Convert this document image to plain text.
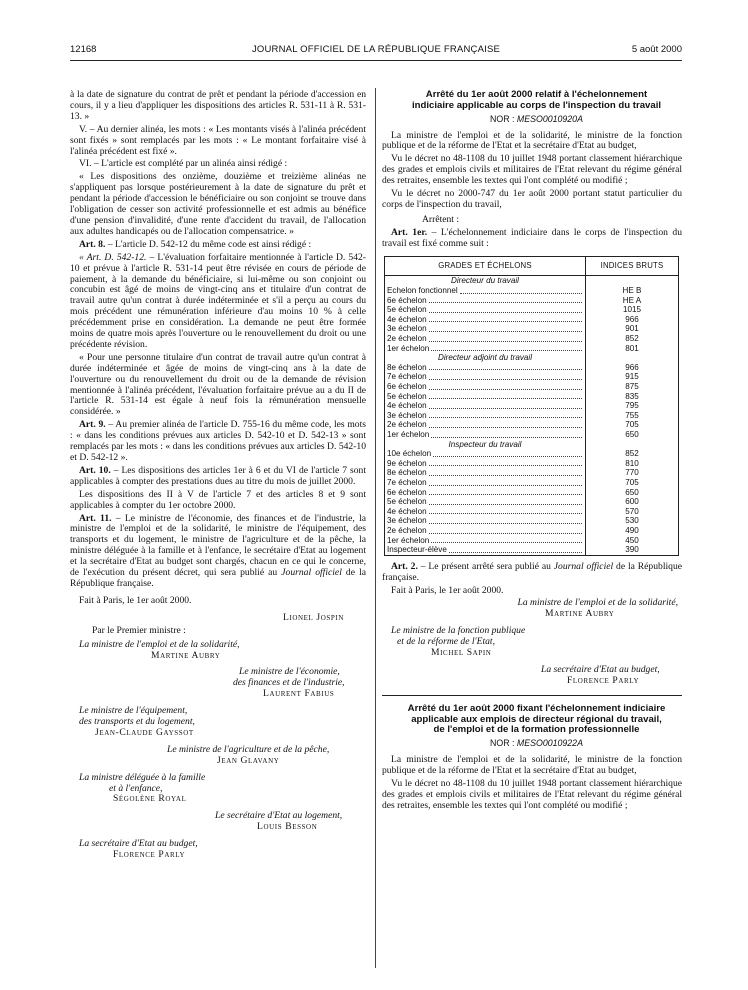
12168	JOURNAL OFFICIEL DE LA RÉPUBLIQUE FRANÇAISE	5 août 2000

à la date de signature du contrat de prêt et pendant la période d'accession en cours, il y a lieu d'appliquer les dispositions des articles R. 531-11 à R. 531-13. »

V. – Au dernier alinéa, les mots : « Les montants visés à l'alinéa précédent sont fixés » sont remplacés par les mots : « Le montant forfaitaire visé à l'alinéa précédent est fixé ».

VI. – L'article est complété par un alinéa ainsi rédigé :

« Les dispositions des onzième, douzième et treizième alinéas ne s'appliquent pas lorsque postérieurement à la date de signature du prêt et pendant la période d'accession le bénéficiaire ou son conjoint se trouve dans l'obligation de cesser son activité professionnelle et est admis au bénéfice d'une pension d'invalidité, d'une rente d'accident du travail, de l'allocation aux adultes handicapés ou de l'allocation compensatrice. »

Art. 8. – L'article D. 542-12 du même code est ainsi rédigé :

« Art. D. 542-12. – L'évaluation forfaitaire mentionnée à l'article D. 542-10 et prévue à l'article R. 531-14 peut être révisée en cours de période de paiement, à la demande du bénéficiaire, si lui-même ou son conjoint ou concubin est âgé de moins de vingt-cinq ans et titulaire d'un contrat de travail autre qu'un contrat à durée indéterminée et s'il a perçu au cours du mois précédent une rémunération inférieure d'au moins 10 % à celle précédemment prise en considération. La demande ne peut être formée moins de quatre mois après l'ouverture ou le renouvellement du droit ou une précédente révision.

« Pour une personne titulaire d'un contrat de travail autre qu'un contrat à durée indéterminée et âgée de moins de vingt-cinq ans à la date de l'ouverture ou du renouvellement du droit ou de la demande de révision mentionnée à l'alinéa précédent, l'évaluation forfaitaire prévue au a du II de l'article R. 531-14 est égale à neuf fois la rémunération mensuelle considérée. »

Art. 9. – Au premier alinéa de l'article D. 755-16 du même code, les mots : « dans les conditions prévues aux articles D. 542-10 et D. 542-13 » sont remplacés par les mots : « dans les conditions prévues aux articles D. 542-10 et D. 542-12 ».

Art. 10. – Les dispositions des articles 1er à 6 et du VI de l'article 7 sont applicables à compter des prestations dues au titre du mois de juillet 2000.

Les dispositions des II à V de l'article 7 et des articles 8 et 9 sont applicables à compter du 1er octobre 2000.

Art. 11. – Le ministre de l'économie, des finances et de l'industrie, la ministre de l'emploi et de la solidarité, le ministre de l'équipement, des transports et du logement, le ministre de l'agriculture et de la pêche, la ministre déléguée à la famille et à l'enfance, le secrétaire d'Etat au logement et la secrétaire d'Etat au budget sont chargés, chacun en ce qui le concerne, de l'exécution du présent décret, qui sera publié au Journal officiel de la République française.

Fait à Paris, le 1er août 2000.

Lionel Jospin

Par le Premier ministre :

La ministre de l'emploi et de la solidarité,

Martine Aubry

Le ministre de l'économie,

des finances et de l'industrie,

Laurent Fabius

Le ministre de l'équipement,

des transports et du logement,

Jean-Claude Gayssot

Le ministre de l'agriculture et de la pêche,

Jean Glavany

La ministre déléguée à la famille

et à l'enfance,

Ségolène Royal

Le secrétaire d'Etat au logement,

Louis Besson

La secrétaire d'Etat au budget,

Florence Parly

Arrêté du 1er août 2000 relatif à l'échelonnement

indiciaire applicable au corps de l'inspection du travail

NOR : MESO0010920A

La ministre de l'emploi et de la solidarité, le ministre de la fonction publique et de la réforme de l'Etat et la secrétaire d'Etat au budget,

Vu le décret no 48-1108 du 10 juillet 1948 portant classement hiérarchique des grades et emplois civils et militaires de l'Etat relevant du régime général des retraites, ensemble les textes qui l'ont complété ou modifié ;

Vu le décret no 2000-747 du 1er août 2000 portant statut particulier du corps de l'inspection du travail,

Arrêtent :

Art. 1er. – L'échelonnement indiciaire dans le corps de l'inspection du travail est fixé comme suit :

GRADES ET ÉCHELONS	INDICES BRUTS
Directeur du travail	

Echelon fonctionnel	HE B

6e échelon	HE A

5e échelon	1015

4e échelon	966

3e échelon	901

2e échelon	852

1er échelon	801
Directeur adjoint du travail	

8e échelon	966

7e échelon	915

6e échelon	875

5e échelon	835

4e échelon	795

3e échelon	755

2e échelon	705

1er échelon	650
Inspecteur du travail	

10e échelon	852

9e échelon	810

8e échelon	770

7e échelon	705

6e échelon	650

5e échelon	600

4e échelon	570

3e échelon	530

2e échelon	490

1er échelon	450

Inspecteur-élève	390

Art. 2. – Le présent arrêté sera publié au Journal officiel de la République française.

Fait à Paris, le 1er août 2000.

La ministre de l'emploi et de la solidarité,

Martine Aubry

Le ministre de la fonction publique

et de la réforme de l'Etat,

Michel Sapin

La secrétaire d'Etat au budget,

Florence Parly

Arrêté du 1er août 2000 fixant l'échelonnement indiciaire

applicable aux emplois de directeur régional du travail,

de l'emploi et de la formation professionnelle

NOR : MESO0010922A

La ministre de l'emploi et de la solidarité, le ministre de la fonction publique et de la réforme de l'Etat et la secrétaire d'Etat au budget,

Vu le décret no 48-1108 du 10 juillet 1948 portant classement hiérarchique des grades et emplois civils et militaires de l'Etat relevant du régime général des retraites, ensemble les textes qui l'ont complété ou modifié ;
